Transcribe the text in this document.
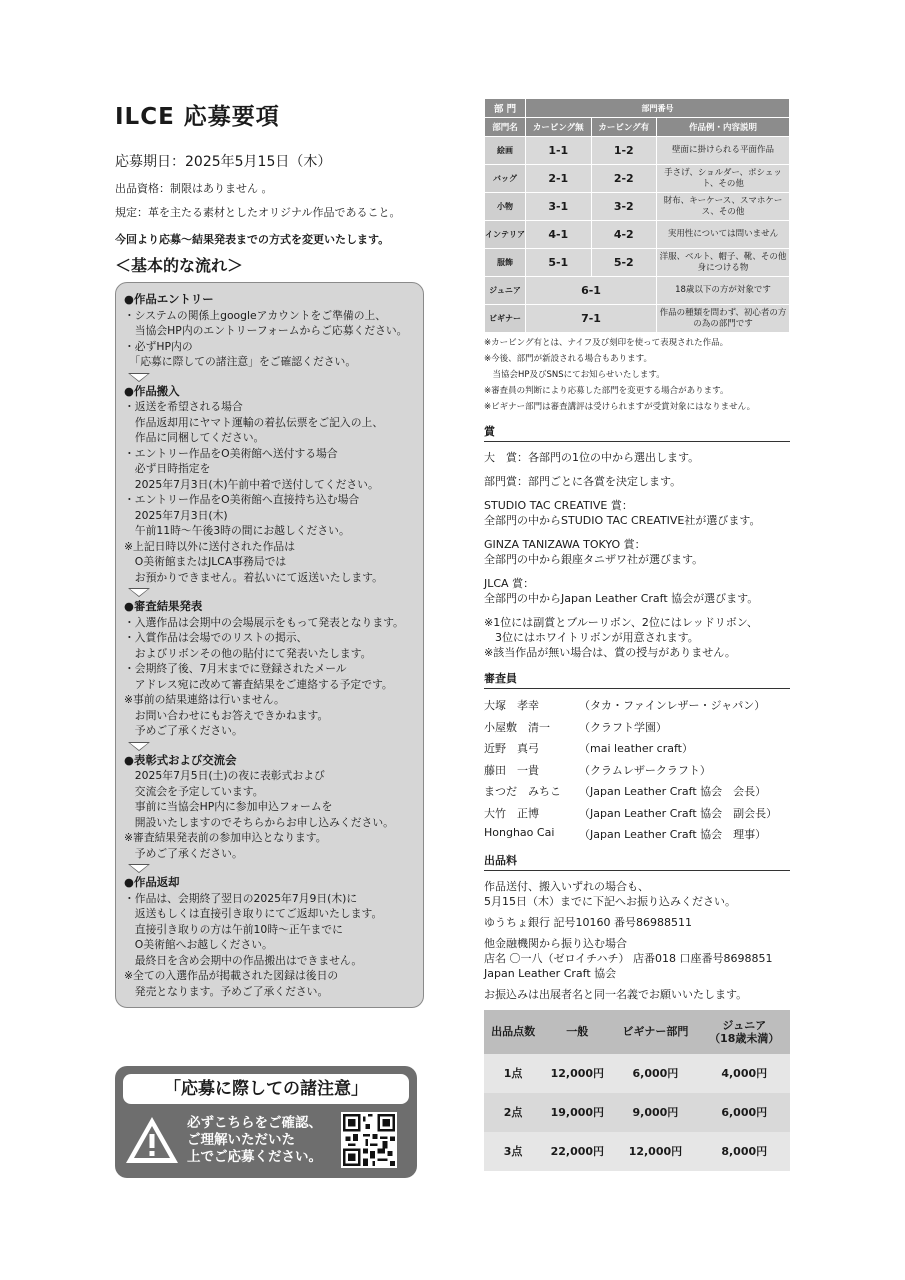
ILCE 応募要項
応募期日：2025年5月15日（木）
出品資格：制限はありません 。
規定：革を主たる素材としたオリジナル作品であること。
今回より応募～結果発表までの方式を変更いたします。
＜基本的な流れ＞
●作品エントリー
・システムの関係上googleアカウントをご準備の上、
　当協会HP内のエントリーフォームからご応募ください。
・必ずHP内の
　「応募に際しての諸注意」をご確認ください。
●作品搬入
・返送を希望される場合
　作品返却用にヤマト運輸の着払伝票をご記入の上、
　作品に同梱してください。
・エントリー作品をO美術館へ送付する場合
　必ず日時指定を
　2025年7月3日(木)午前中着で送付してください。
・エントリー作品をO美術館へ直接持ち込む場合
　2025年7月3日(木)
　午前11時～午後3時の間にお越しください。
※上記日時以外に送付された作品は
　O美術館またはJLCA事務局では
　お預かりできません。着払いにて返送いたします。
●審査結果発表
・入選作品は会期中の会場展示をもって発表となります。
・入賞作品は会場でのリストの掲示、
　およびリボンその他の貼付にて発表いたします。
・会期終了後、7月末までに登録されたメール
　アドレス宛に改めて審査結果をご連絡する予定です。
※事前の結果連絡は行いません。
　お問い合わせにもお答えできかねます。
　予めご了承ください。
●表彰式および交流会
　2025年7月5日(土)の夜に表彰式および
　交流会を予定しています。
　事前に当協会HP内に参加申込フォームを
　開設いたしますのでそちらからお申し込みください。
※審査結果発表前の参加申込となります。
　予めご了承ください。
●作品返却
・作品は、会期終了翌日の2025年7月9日(木)に
　返送もしくは直接引き取りにてご返却いたします。
　直接引き取りの方は午前10時～正午までに
　O美術館へお越しください。
　最終日を含め会期中の作品搬出はできません。
※全ての入選作品が掲載された図録は後日の
　発売となります。予めご了承ください。
「応募に際しての諸注意」
必ずこちらをご確認、
ご理解いただいた
上でご応募ください。
部 門	部門番号		
部門名	カービング無	カービング有	作品例・内容説明
絵画	1-1	1-2	壁面に掛けられる平面作品
バッグ	2-1	2-2	手さげ、ショルダー、ポシェット、その他
小物	3-1	3-2	財布、キーケース、スマホケース、その他
インテリア	4-1	4-2	実用性については問いません
服飾	5-1	5-2	洋服、ベルト、帽子、靴、その他身につける物
ジュニア	6-1		18歳以下の方が対象です
ビギナー	7-1		作品の種類を問わず、初心者の方の為の部門です
※カービング有とは、ナイフ及び刻印を使って表現された作品。
※今後、部門が新設される場合もあります。
　当協会HP及びSNSにてお知らせいたします。
※審査員の判断により応募した部門を変更する場合があります。
※ビギナー部門は審査講評は受けられますが受賞対象にはなりません。
賞
大　賞：各部門の1位の中から選出します。
部門賞：部門ごとに各賞を決定します。
STUDIO TAC CREATIVE 賞：
全部門の中からSTUDIO TAC CREATIVE社が選びます。
GINZA TANIZAWA TOKYO 賞：
全部門の中から銀座タニザワ社が選びます。
JLCA 賞：
全部門の中からJapan Leather Craft 協会が選びます。
※1位には副賞とブルーリボン、2位にはレッドリボン、
　3位にはホワイトリボンが用意されます。
※該当作品が無い場合は、賞の授与がありません。
審査員
大塚　孝幸	（タカ・ファインレザー・ジャパン）
小屋敷　清一	（クラフト学園）
近野　真弓	（mai leather craft）
藤田　一貴	（クラムレザークラフト）
まつだ　みちこ	（Japan Leather Craft 協会　会長）
大竹　正博	（Japan Leather Craft 協会　副会長）
Honghao Cai	（Japan Leather Craft 協会　理事）
出品料
作品送付、搬入いずれの場合も、
5月15日（木）までに下記へお振り込みください。
ゆうちょ銀行 記号10160 番号86988511
他金融機関から振り込む場合
店名 〇一八（ゼロイチハチ） 店番018 口座番号8698851
Japan Leather Craft 協会
お振込みは出展者名と同一名義でお願いいたします。
出品点数	一般	ビギナー部門	ジュニア
（18歳未満）

1点	12,000円	6,000円	4,000円
2点	19,000円	9,000円	6,000円
3点	22,000円	12,000円	8,000円
